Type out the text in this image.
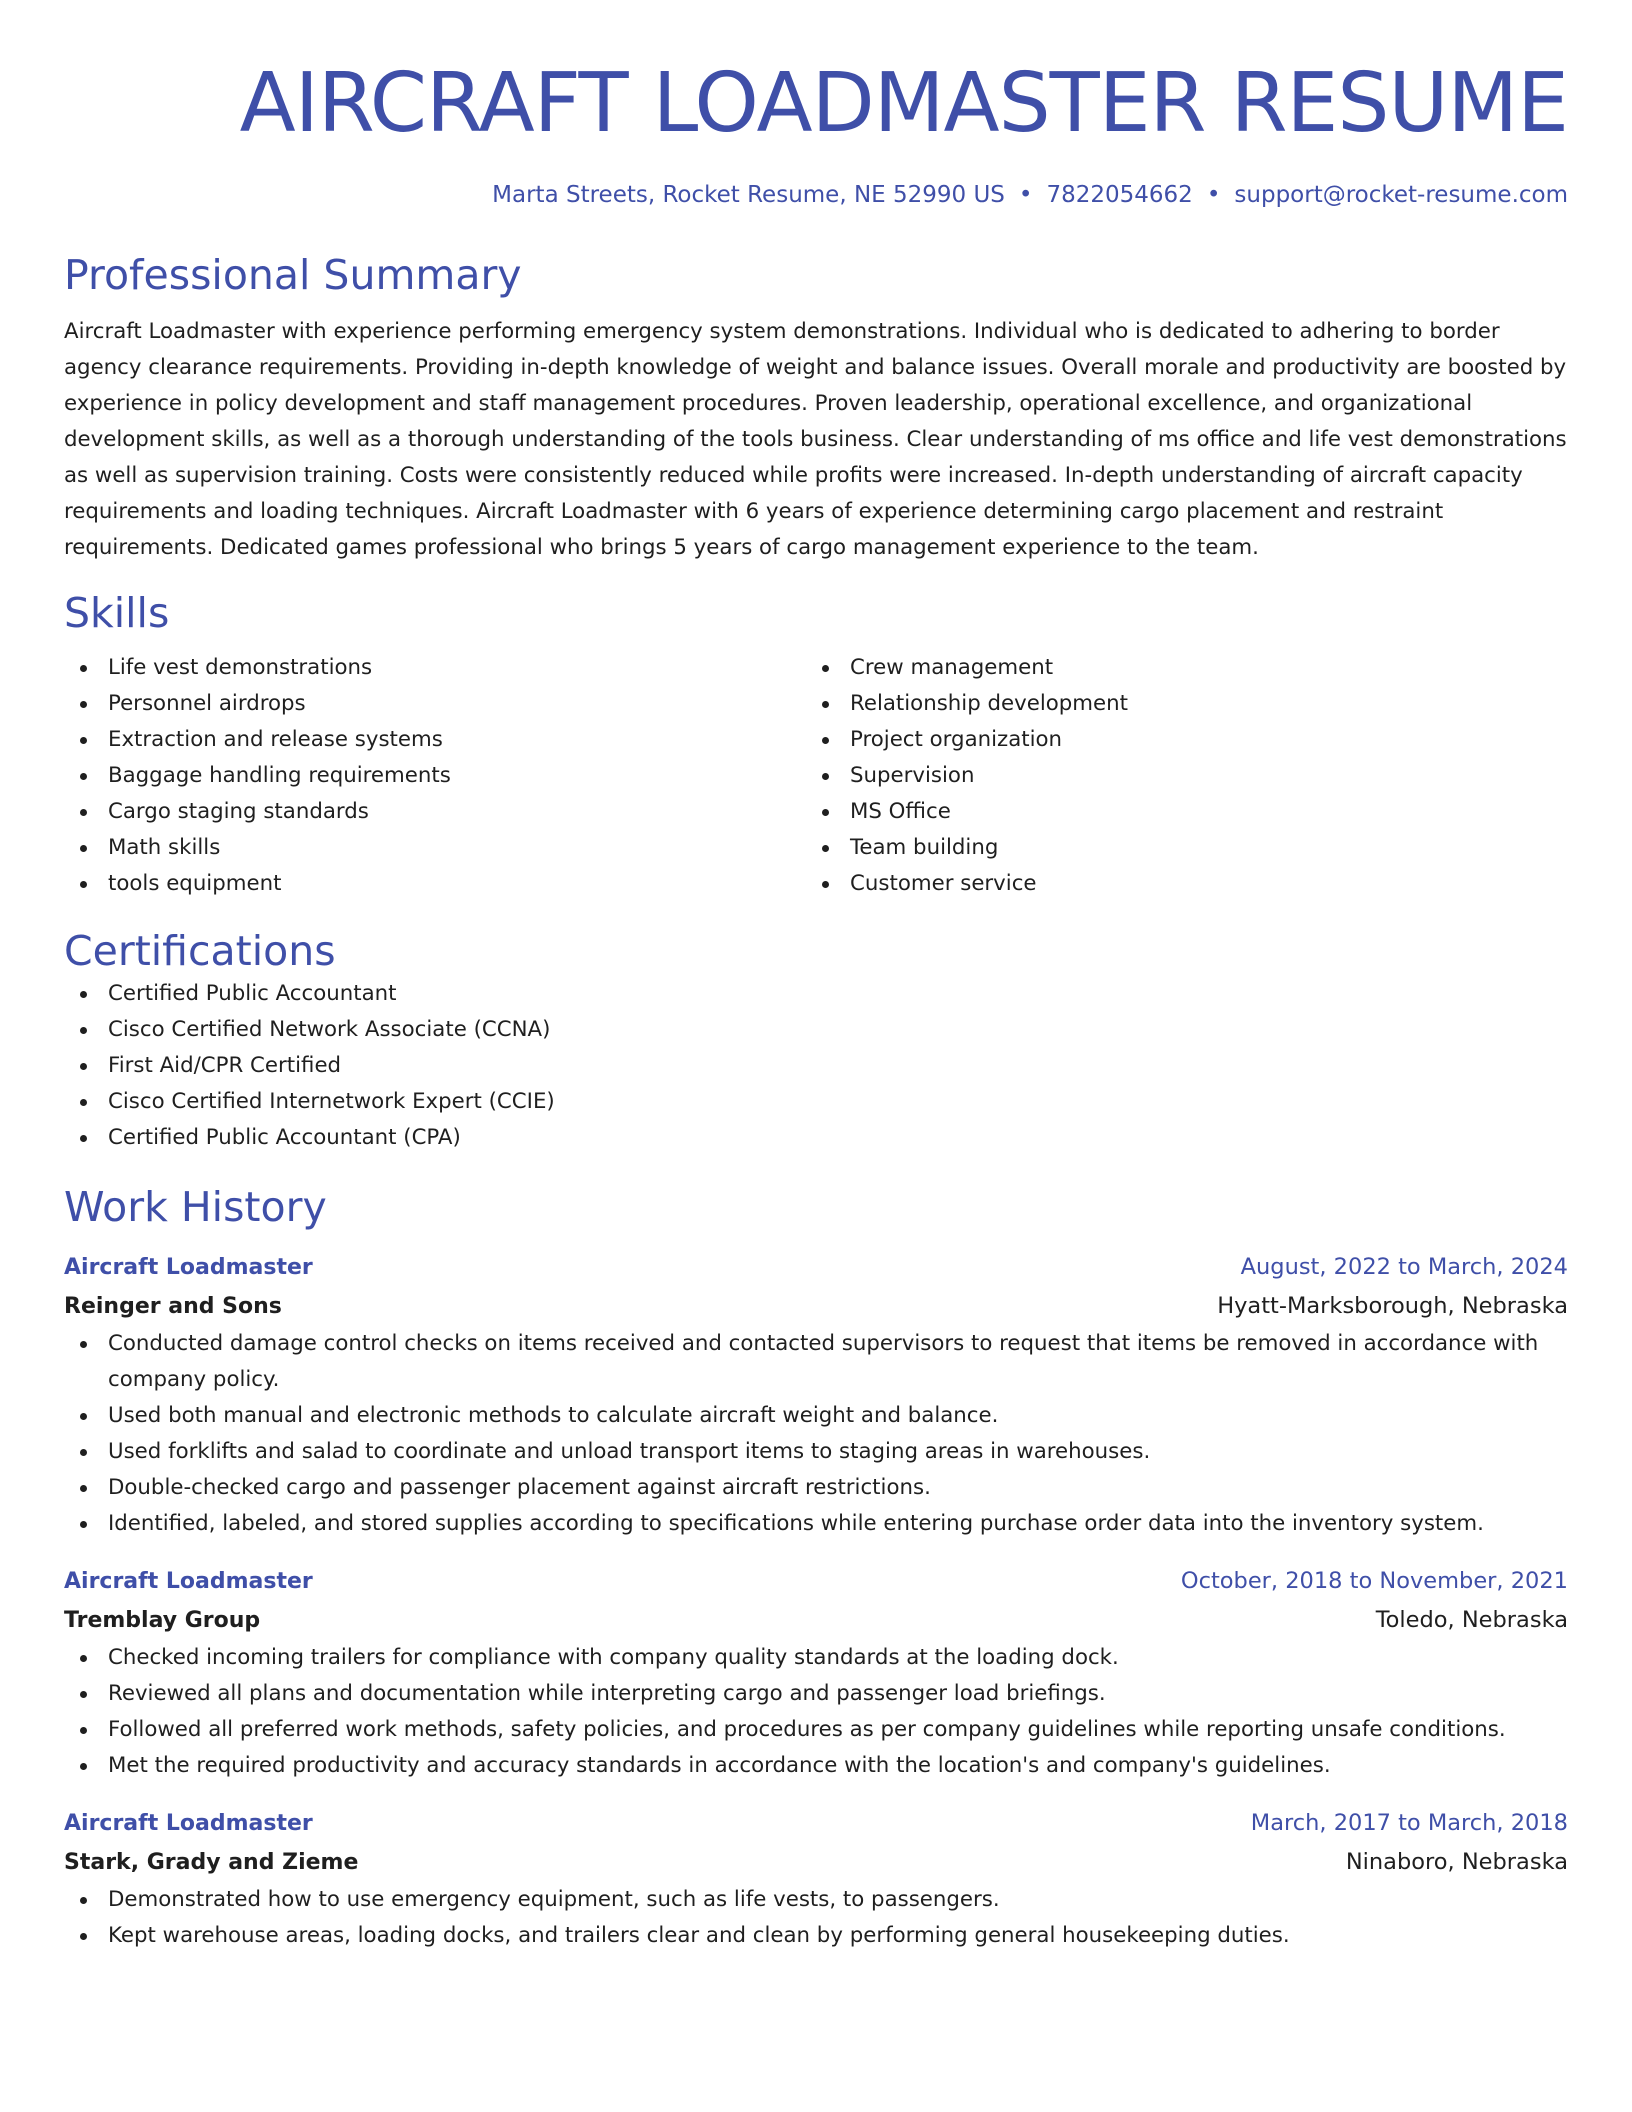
AIRCRAFT LOADMASTER RESUME
Marta Streets, Rocket Resume, NE 52990 US • 7822054662 • support@rocket-resume.com
Professional Summary
Aircraft Loadmaster with experience performing emergency system demonstrations. Individual who is dedicated to adhering to border agency clearance requirements. Providing in-depth knowledge of weight and balance issues. Overall morale and productivity are boosted by experience in policy development and staff management procedures. Proven leadership, operational excellence, and organizational development skills, as well as a thorough understanding of the tools business. Clear understanding of ms office and life vest demonstrations as well as supervision training. Costs were consistently reduced while profits were increased. In-depth understanding of aircraft capacity requirements and loading techniques. Aircraft Loadmaster with 6 years of experience determining cargo placement and restraint requirements. Dedicated games professional who brings 5 years of cargo management experience to the team.
Skills
Life vest demonstrations
Personnel airdrops
Extraction and release systems
Baggage handling requirements
Cargo staging standards
Math skills
tools equipment
Crew management
Relationship development
Project organization
Supervision
MS Office
Team building
Customer service
Certifications
Certified Public Accountant
Cisco Certified Network Associate (CCNA)
First Aid/CPR Certified
Cisco Certified Internetwork Expert (CCIE)
Certified Public Accountant (CPA)
Work History
Aircraft Loadmaster	August, 2022 to March, 2024
Reinger and Sons	Hyatt-Marksborough, Nebraska
Conducted damage control checks on items received and contacted supervisors to request that items be removed in accordance with company policy.
Used both manual and electronic methods to calculate aircraft weight and balance.
Used forklifts and salad to coordinate and unload transport items to staging areas in warehouses.
Double-checked cargo and passenger placement against aircraft restrictions.
Identified, labeled, and stored supplies according to specifications while entering purchase order data into the inventory system.
Aircraft Loadmaster	October, 2018 to November, 2021
Tremblay Group	Toledo, Nebraska
Checked incoming trailers for compliance with company quality standards at the loading dock.
Reviewed all plans and documentation while interpreting cargo and passenger load briefings.
Followed all preferred work methods, safety policies, and procedures as per company guidelines while reporting unsafe conditions.
Met the required productivity and accuracy standards in accordance with the location's and company's guidelines.
Aircraft Loadmaster	March, 2017 to March, 2018
Stark, Grady and Zieme	Ninaboro, Nebraska
Demonstrated how to use emergency equipment, such as life vests, to passengers.
Kept warehouse areas, loading docks, and trailers clear and clean by performing general housekeeping duties.
